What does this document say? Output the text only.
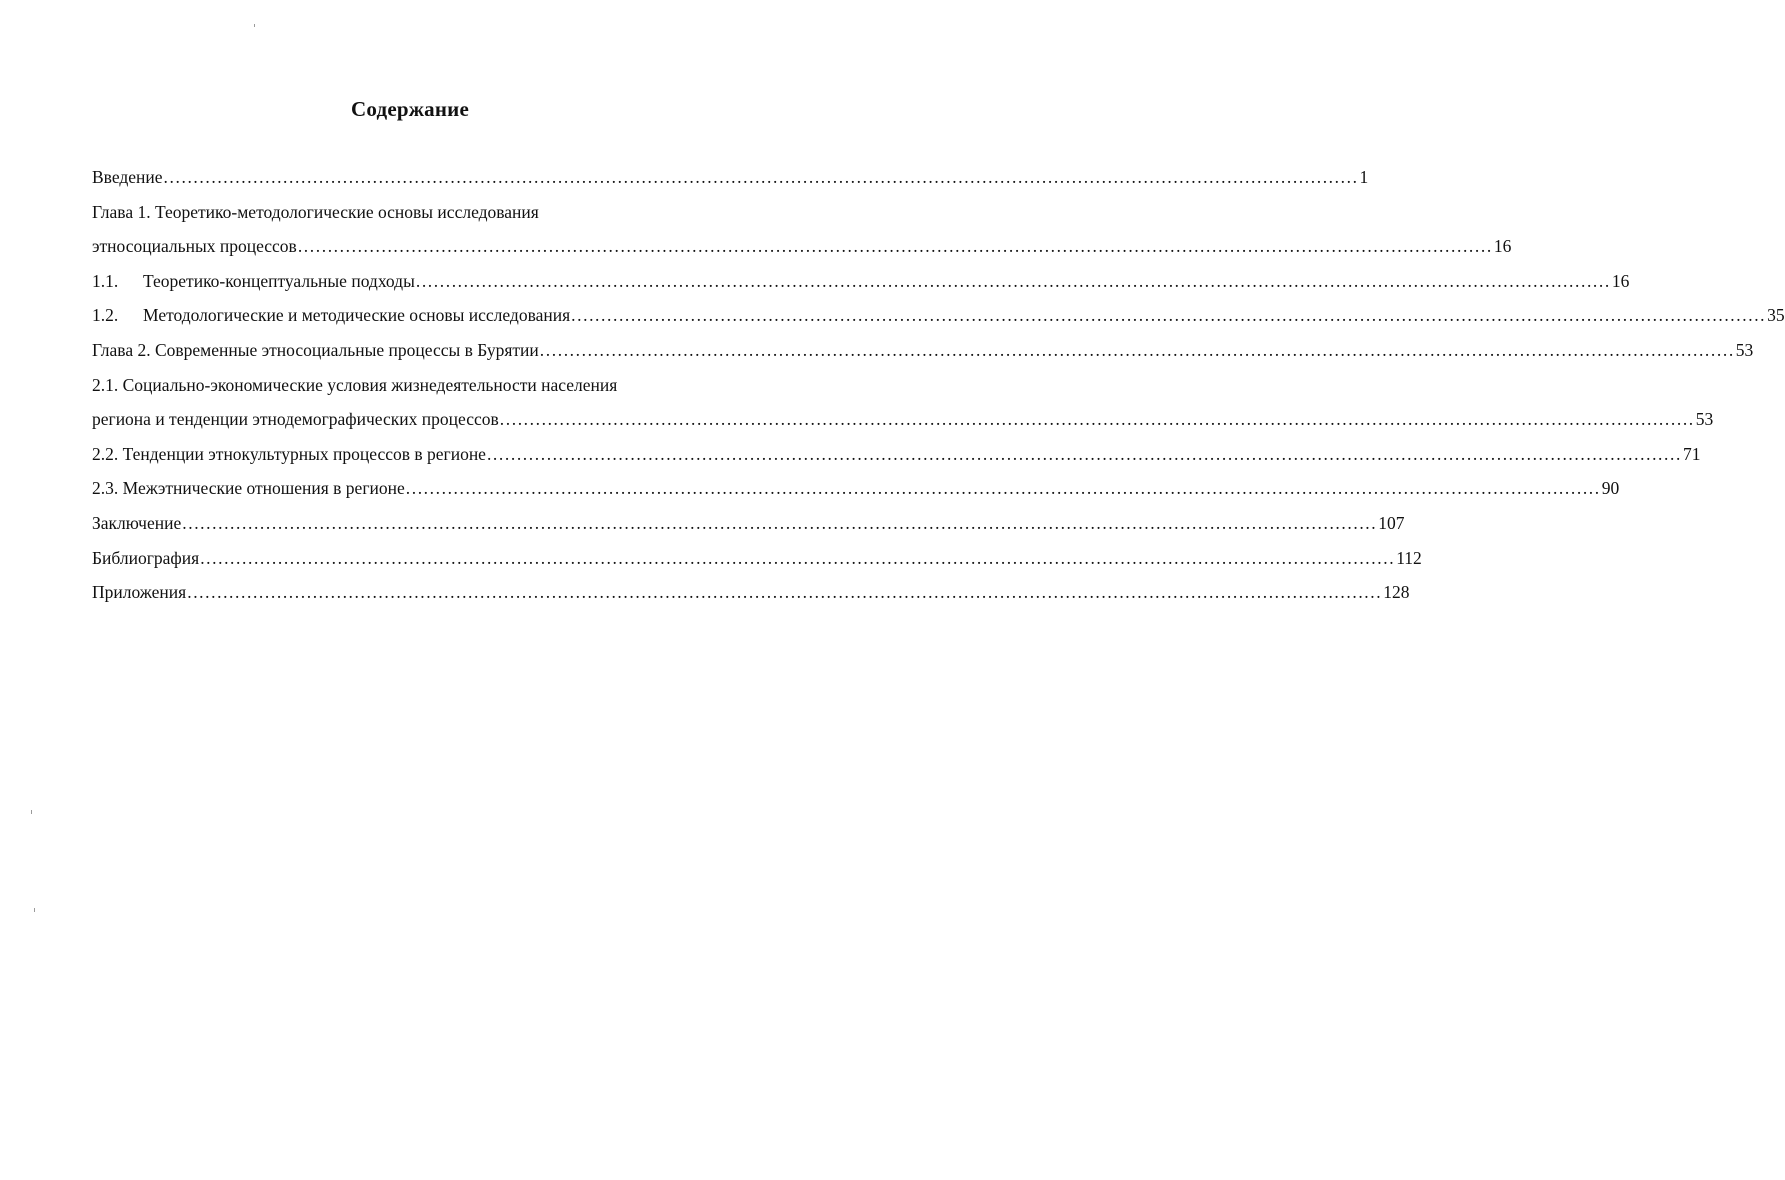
Содержание
Введение ........................................................................................................................................................................................................ 1
Глава 1. Теоретико-методологические основы исследования
этносоциальных процессов ........................................................................................................................................................................................................ 16
1.1.	Теоретико-концептуальные подходы ........................................................................................................................................................................................................ 16
1.2.	Методологические и методические основы исследования ........................................................................................................................................................................................................ 35
Глава 2. Современные этносоциальные процессы в Бурятии ........................................................................................................................................................................................................ 53
2.1. Социально-экономические условия жизнедеятельности населения
региона и тенденции этнодемографических процессов ........................................................................................................................................................................................................ 53
2.2. Тенденции этнокультурных процессов в регионе ........................................................................................................................................................................................................ 71
2.3. Межэтнические отношения в регионе ........................................................................................................................................................................................................ 90
Заключение ........................................................................................................................................................................................................ 107
Библиография ........................................................................................................................................................................................................ 112
Приложения ........................................................................................................................................................................................................ 128
